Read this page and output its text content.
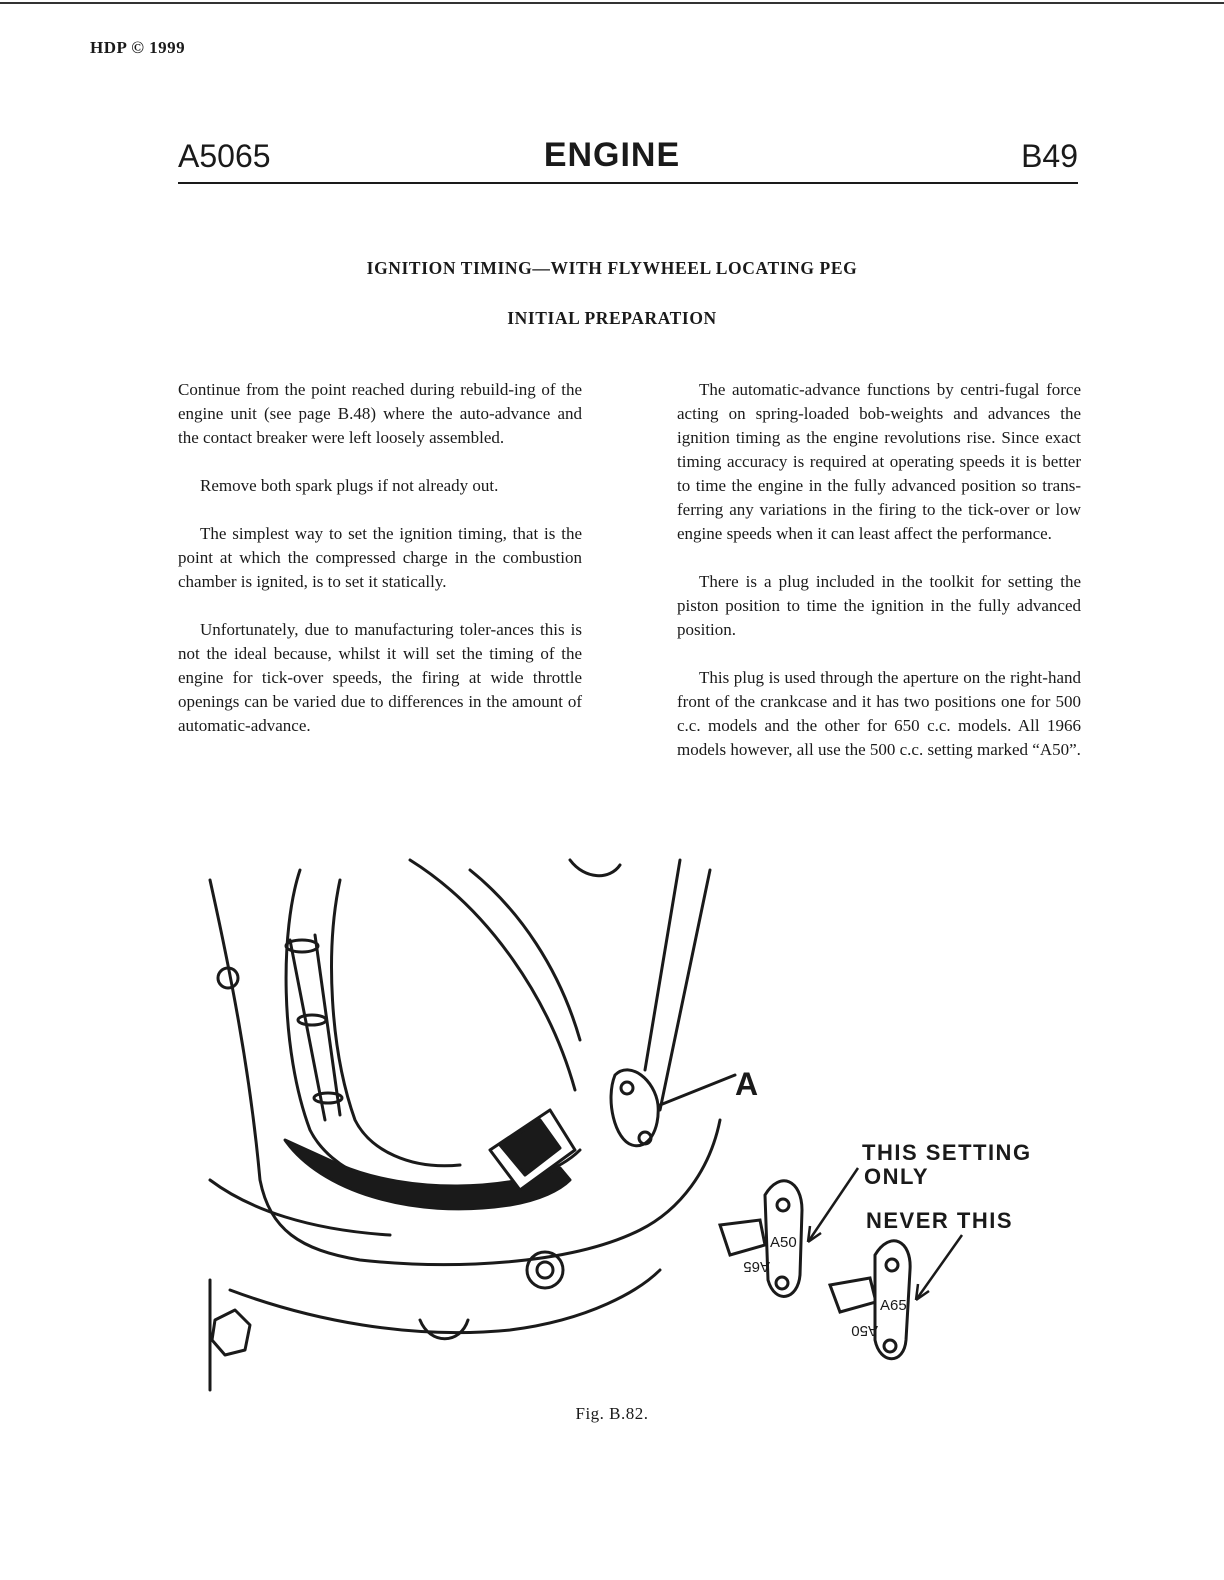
HDP © 1999
A5065	ENGINE	B49
IGNITION TIMING—WITH FLYWHEEL LOCATING PEG
INITIAL PREPARATION

Continue from the point reached during rebuild-ing of the engine unit (see page B.48) where the auto-advance and the contact breaker were left loosely assembled.

Remove both spark plugs if not already out.

The simplest way to set the ignition timing, that is the point at which the compressed charge in the combustion chamber is ignited, is to set it statically.

Unfortunately, due to manufacturing toler-ances this is not the ideal because, whilst it will set the timing of the engine for tick-over speeds, the firing at wide throttle openings can be varied due to differences in the amount of automatic-advance.

The automatic-advance functions by centri-fugal force acting on spring-loaded bob-weights and advances the ignition timing as the engine revolutions rise. Since exact timing accuracy is required at operating speeds it is better to time the engine in the fully advanced position so trans-ferring any variations in the firing to the tick-over or low engine speeds when it can least affect the performance.

There is a plug included in the toolkit for setting the piston position to time the ignition in the fully advanced position.

This plug is used through the aperture on the right-hand front of the crankcase and it has two positions one for 500 c.c. models and the other for 650 c.c. models. All 1966 models however, all use the 500 c.c. setting marked “A50”.

A50
A65
A65
A50
A
THIS SETTING
ONLY
NEVER THIS
Fig. B.82.
